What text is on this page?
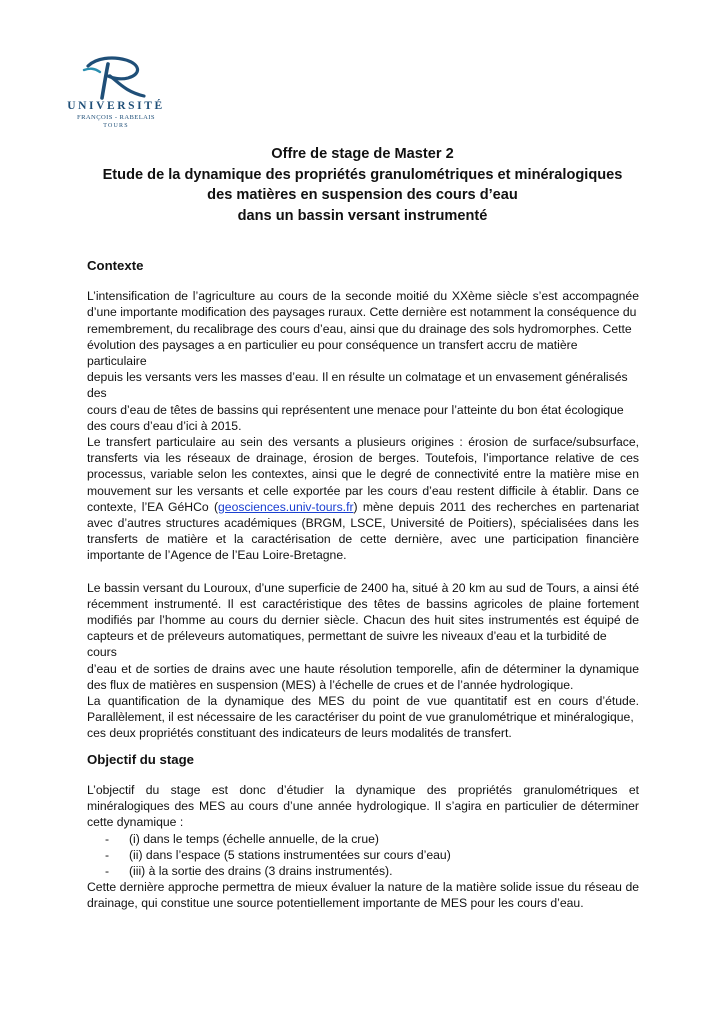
UNIVERSITÉ
FRANÇOIS - RABELAIS
TOURS
Offre de stage de Master 2
Etude de la dynamique des propriétés granulométriques et minéralogiques
des matières en suspension des cours d’eau
dans un bassin versant instrumenté
Contexte
L’intensification de l’agriculture au cours de la seconde moitié du XXème siècle s’est accompagnée
d’une importante modification des paysages ruraux. Cette dernière est notamment la conséquence du
remembrement, du recalibrage des cours d’eau, ainsi que du drainage des sols hydromorphes. Cette
évolution des paysages a en particulier eu pour conséquence un transfert accru de matière particulaire
depuis les versants vers les masses d’eau. Il en résulte un colmatage et un envasement généralisés des
cours d’eau de têtes de bassins qui représentent une menace pour l’atteinte du bon état écologique
des cours d’eau d’ici à 2015.
Le transfert particulaire au sein des versants a plusieurs origines : érosion de surface/subsurface,
transferts via les réseaux de drainage, érosion de berges. Toutefois, l’importance relative de ces
processus, variable selon les contextes, ainsi que le degré de connectivité entre la matière mise en
mouvement sur les versants et celle exportée par les cours d’eau restent difficile à établir. Dans ce
contexte, l’EA GéHCo (geosciences.univ-tours.fr) mène depuis 2011 des recherches en partenariat
avec d’autres structures académiques (BRGM, LSCE, Université de Poitiers), spécialisées dans les
transferts de matière et la caractérisation de cette dernière, avec une participation financière
importante de l’Agence de l’Eau Loire-Bretagne.
Le bassin versant du Louroux, d’une superficie de 2400 ha, situé à 20 km au sud de Tours, a ainsi été
récemment instrumenté. Il est caractéristique des têtes de bassins agricoles de plaine fortement
modifiés par l’homme au cours du dernier siècle. Chacun des huit sites instrumentés est équipé de
capteurs et de préleveurs automatiques, permettant de suivre les niveaux d’eau et la turbidité de cours
d’eau et de sorties de drains avec une haute résolution temporelle, afin de déterminer la dynamique
des flux de matières en suspension (MES) à l’échelle de crues et de l’année hydrologique.
La quantification de la dynamique des MES du point de vue quantitatif est en cours d’étude.
Parallèlement, il est nécessaire de les caractériser du point de vue granulométrique et minéralogique,
ces deux propriétés constituant des indicateurs de leurs modalités de transfert.
Objectif du stage
L’objectif du stage est donc d’étudier la dynamique des propriétés granulométriques et
minéralogiques des MES au cours d’une année hydrologique. Il s’agira en particulier de déterminer
cette dynamique :
- (i) dans le temps (échelle annuelle, de la crue)
- (ii) dans l’espace (5 stations instrumentées sur cours d’eau)
- (iii) à la sortie des drains (3 drains instrumentés).
Cette dernière approche permettra de mieux évaluer la nature de la matière solide issue du réseau de
drainage, qui constitue une source potentiellement importante de MES pour les cours d’eau.
